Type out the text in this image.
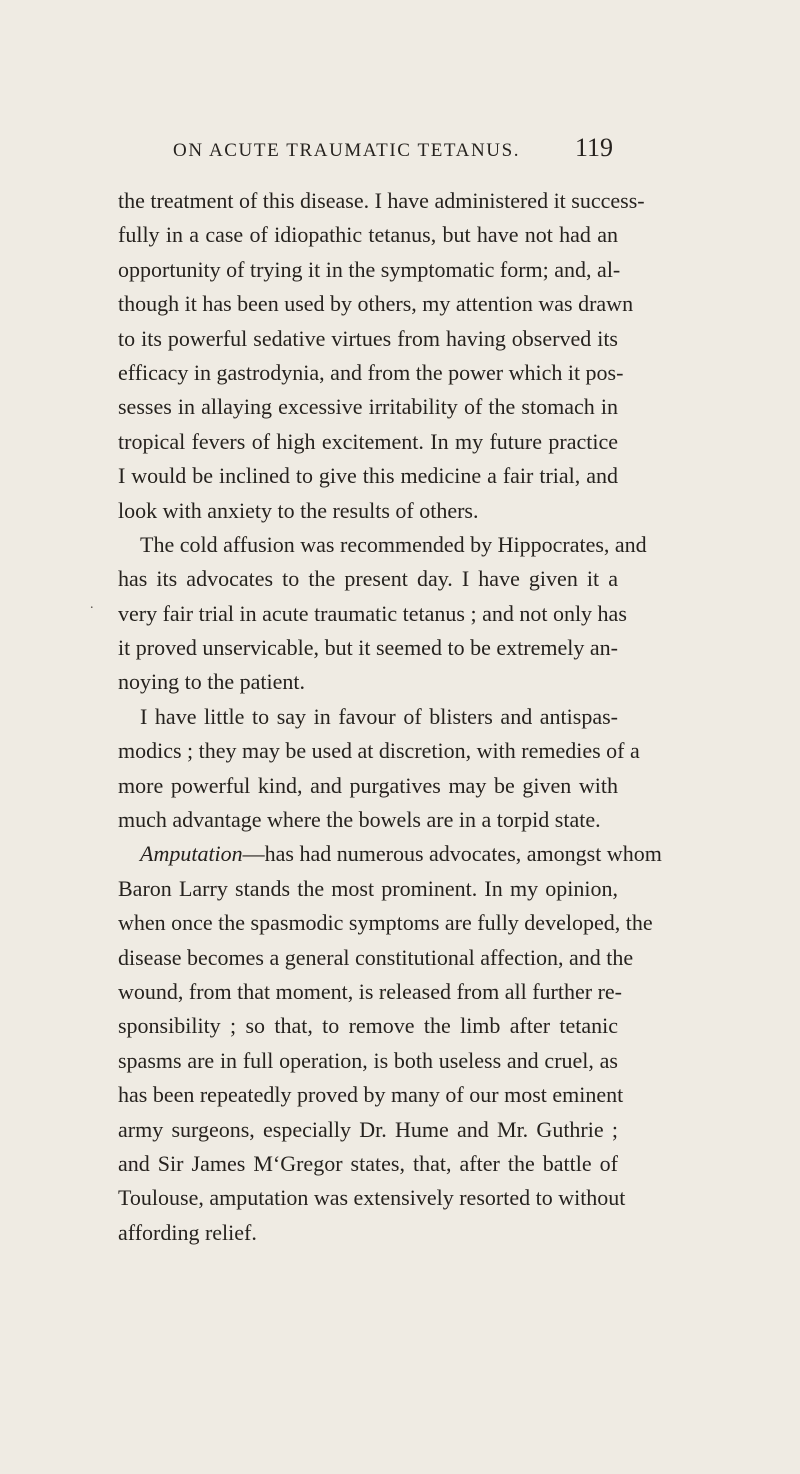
ON ACUTE TRAUMATIC TETANUS.	119
.
the treatment of this disease. I have administered it success-
fully in a case of idiopathic tetanus, but have not had an
opportunity of trying it in the symptomatic form; and, al-
though it has been used by others, my attention was drawn
to its powerful sedative virtues from having observed its
efficacy in gastrodynia, and from the power which it pos-
sesses in allaying excessive irritability of the stomach in
tropical fevers of high excitement. In my future practice
I would be inclined to give this medicine a fair trial, and
look with anxiety to the results of others.
The cold affusion was recommended by Hippocrates, and
has its advocates to the present day. I have given it a
very fair trial in acute traumatic tetanus ; and not only has
it proved unservicable, but it seemed to be extremely an-
noying to the patient.
I have little to say in favour of blisters and antispas-
modics ; they may be used at discretion, with remedies of a
more powerful kind, and purgatives may be given with
much advantage where the bowels are in a torpid state.
Amputation—has had numerous advocates, amongst whom
Baron Larry stands the most prominent. In my opinion,
when once the spasmodic symptoms are fully developed, the
disease becomes a general constitutional affection, and the
wound, from that moment, is released from all further re-
sponsibility ; so that, to remove the limb after tetanic
spasms are in full operation, is both useless and cruel, as
has been repeatedly proved by many of our most eminent
army surgeons, especially Dr. Hume and Mr. Guthrie ;
and Sir James M‘Gregor states, that, after the battle of
Toulouse, amputation was extensively resorted to without
affording relief.
